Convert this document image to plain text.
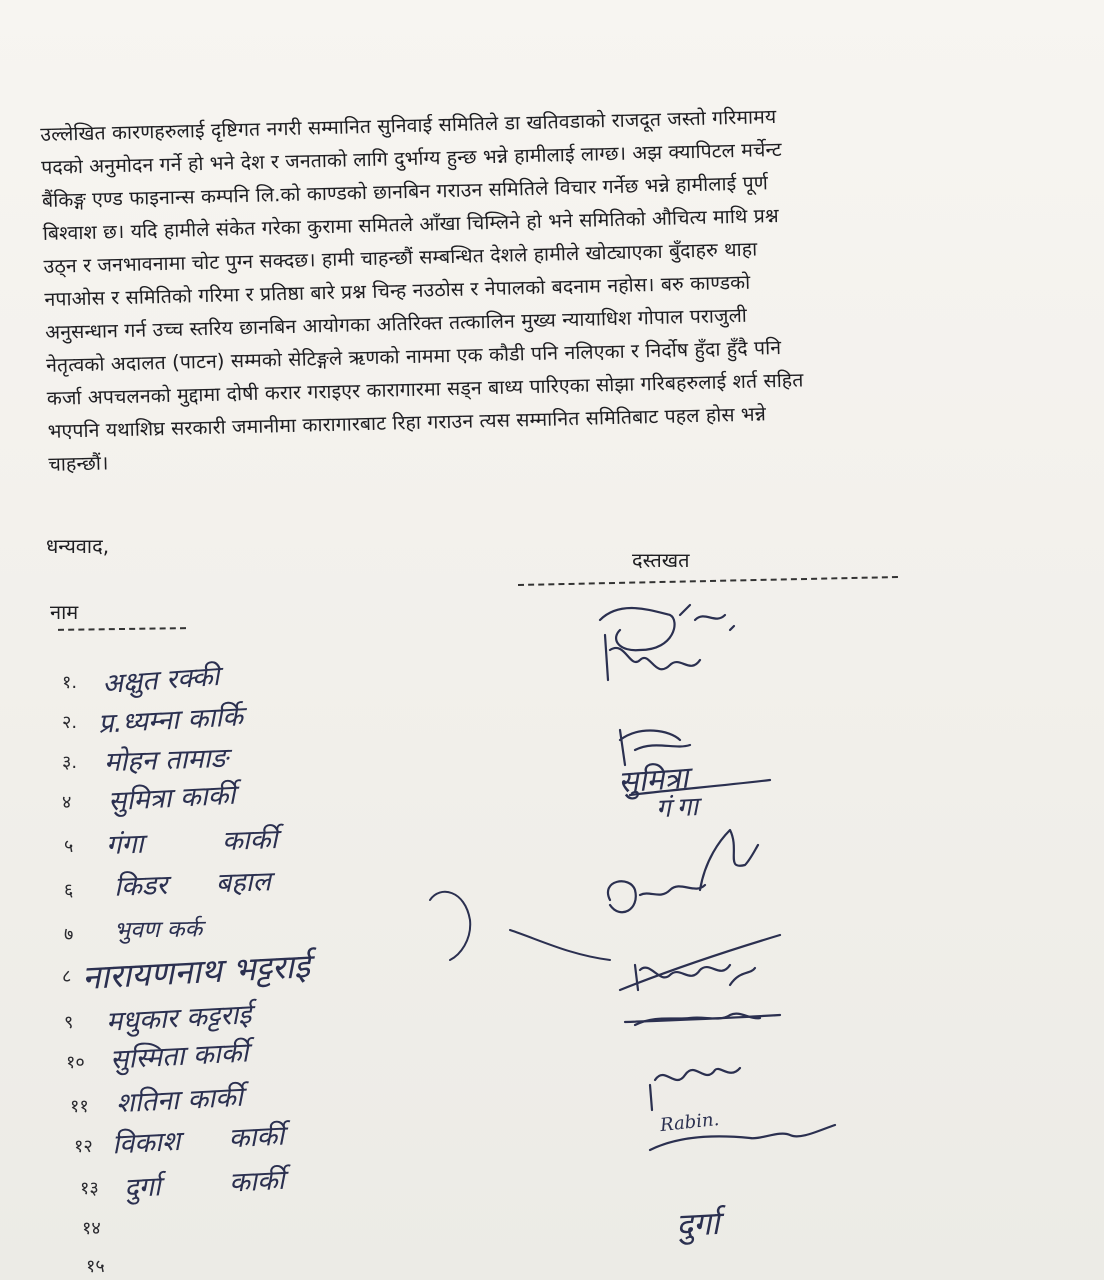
उल्लेखित कारणहरुलाई दृष्टिगत नगरी सम्मानित सुनिवाई समितिले डा खतिवडाको राजदूत जस्तो गरिमामय
पदको अनुमोदन गर्ने हो भने देश र जनताको लागि दुर्भाग्य हुन्छ भन्ने हामीलाई लाग्छ। अझ क्यापिटल मर्चेन्ट
बैंकिङ्ग एण्ड फाइनान्स कम्पनि लि.को काण्डको छानबिन गराउन समितिले विचार गर्नेछ भन्ने हामीलाई पूर्ण
बिश्वाश छ। यदि हामीले संकेत गरेका कुरामा समितले आँखा चिम्लिने हो भने समितिको औचित्य माथि प्रश्न
उठ्न र जनभावनामा चोट पुग्न सक्दछ। हामी चाहन्छौं सम्बन्धित देशले हामीले खोट्याएका बुँदाहरु थाहा
नपाओस र समितिको गरिमा र प्रतिष्ठा बारे प्रश्न चिन्ह नउठोस र नेपालको बदनाम नहोस। बरु काण्डको
अनुसन्धान गर्न उच्च स्तरिय छानबिन आयोगका अतिरिक्त तत्कालिन मुख्य न्यायाधिश गोपाल पराजुली
नेतृत्वको अदालत (पाटन) सम्मको सेटिङ्गले ऋणको नाममा एक कौडी पनि नलिएका र निर्दोष हुँदा हुँदै पनि
कर्जा अपचलनको मुद्दामा दोषी करार गराइएर कारागारमा सड्न बाध्य पारिएका सोझा गरिबहरुलाई शर्त सहित
भएपनि यथाशिघ्र सरकारी जमानीमा कारागारबाट रिहा गराउन त्यस सम्मानित समितिबाट पहल होस भन्ने
चाहन्छौं।
धन्यवाद,
नाम
दस्तखत
१. अक्षुत रक्की
२. प्र.ध्यम्ना कार्कि
३. मोहन तामाङ
४ सुमित्रा कार्की
५ गंगा कार्की
६ किडर बहाल
७ भुवण कर्क
८ नारायणनाथ भट्टराई
९ मधुकार कट्टराई
१० सुस्मिता कार्की
११ शतिना कार्की
१२ विकाश कार्की
१३ दुर्गा कार्की
१४
१५
सुमित्रा
गंगा
Rabin.
दुर्गा
